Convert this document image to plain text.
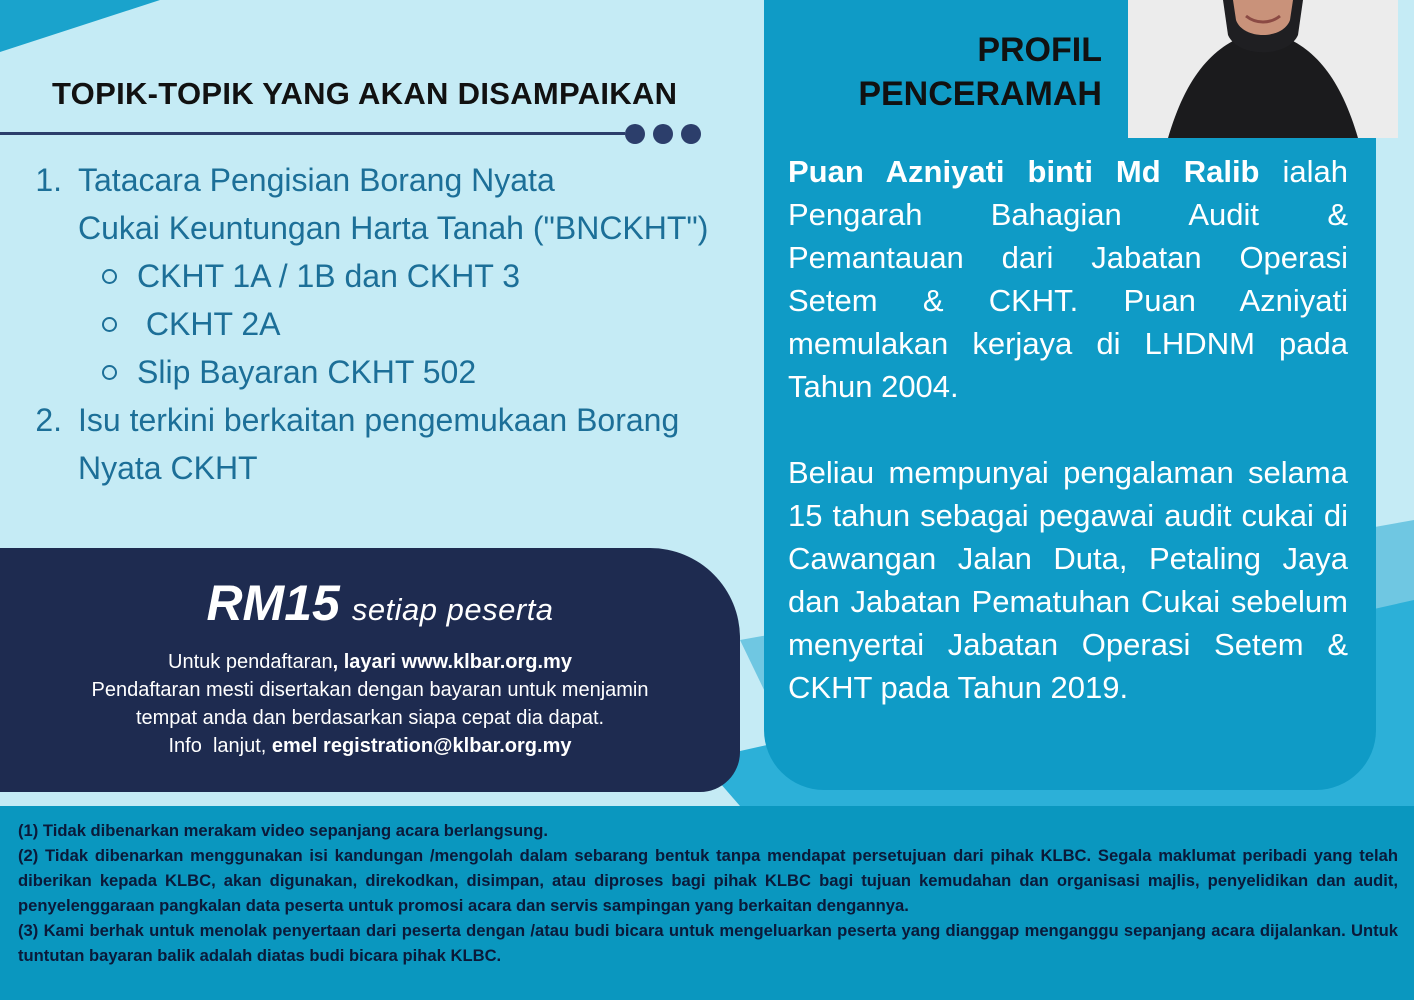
TOPIK-TOPIK YANG AKAN DISAMPAIKAN
1. Tatacara Pengisian Borang Nyata
Cukai Keuntungan Harta Tanah ("BNCKHT")
CKHT 1A / 1B dan CKHT 3
CKHT 2A
Slip Bayaran CKHT 502
2. Isu terkini berkaitan pengemukaan Borang
Nyata CKHT
RM15 setiap peserta
Untuk pendaftaran, layari www.klbar.org.my
Pendaftaran mesti disertakan dengan bayaran untuk menjamin
tempat anda dan berdasarkan siapa cepat dia dapat.
Info  lanjut, emel registration@klbar.org.my
PROFIL
PENCERAMAH

Puan Azniyati binti Md Ralib ialah Pengarah Bahagian Audit & Pemantauan dari Jabatan Operasi Setem & CKHT. Puan Azniyati memulakan kerjaya di LHDNM pada Tahun 2004.

Beliau mempunyai pengalaman selama 15 tahun sebagai pegawai audit cukai di Cawangan Jalan Duta, Petaling Jaya dan Jabatan Pematuhan Cukai sebelum menyertai Jabatan Operasi Setem & CKHT pada Tahun 2019.

(1) Tidak dibenarkan merakam video sepanjang acara berlangsung.

(2) Tidak dibenarkan menggunakan isi kandungan /mengolah dalam sebarang bentuk tanpa mendapat persetujuan dari pihak KLBC. Segala maklumat peribadi yang telah diberikan kepada KLBC, akan digunakan, direkodkan, disimpan, atau diproses bagi pihak KLBC bagi tujuan kemudahan dan organisasi majlis, penyelidikan dan audit, penyelenggaraan pangkalan data peserta untuk promosi acara dan servis sampingan yang berkaitan dengannya.

(3) Kami berhak untuk menolak penyertaan dari peserta dengan /atau budi bicara untuk mengeluarkan peserta yang dianggap menganggu sepanjang acara dijalankan. Untuk tuntutan bayaran balik adalah diatas budi bicara pihak KLBC.
